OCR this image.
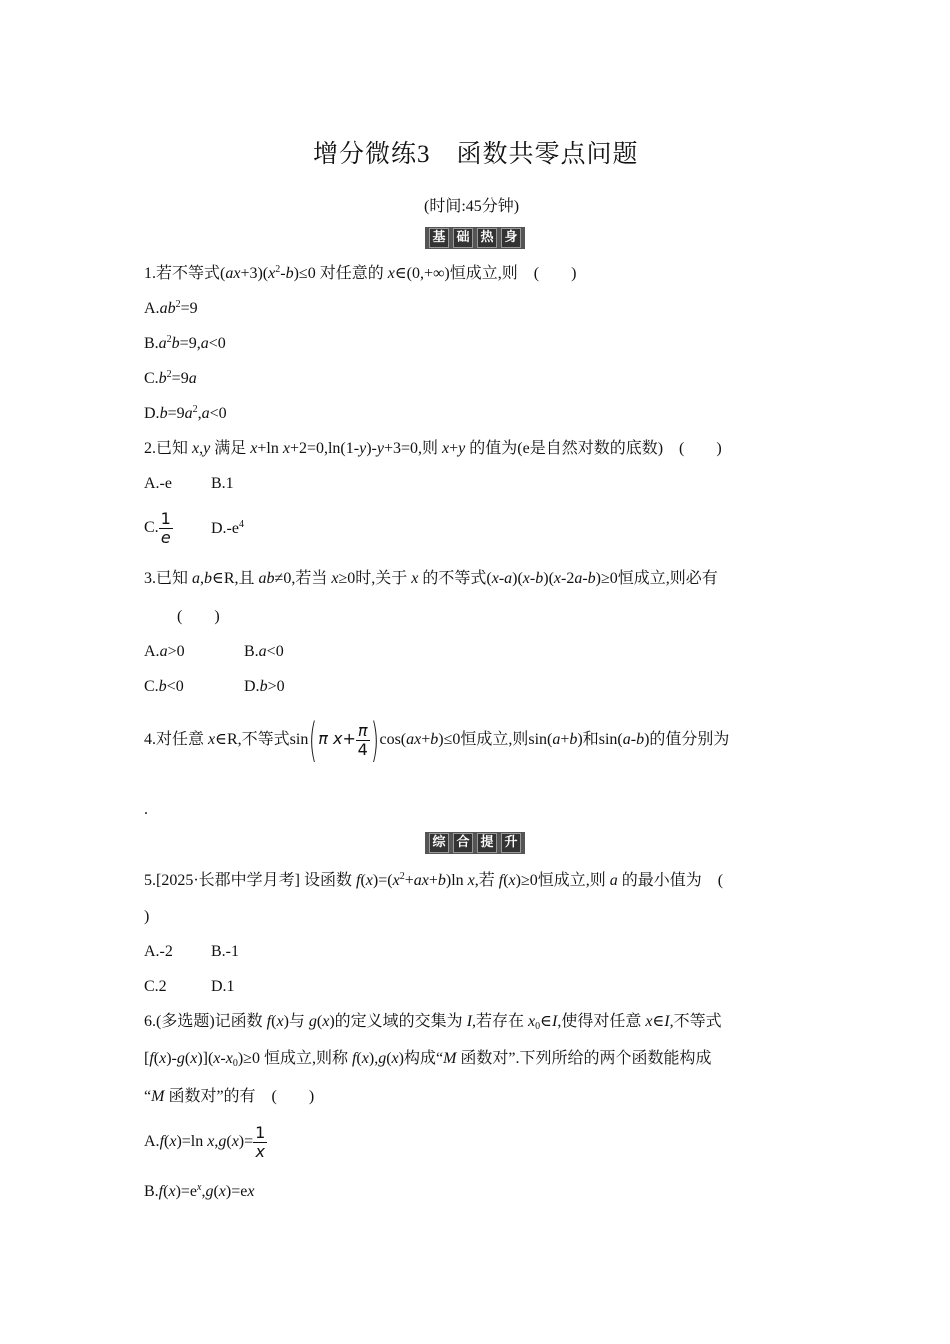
增分微练3　函数共零点问题
(时间:45分钟)
基 础 热 身
1.若不等式$(ax+3)(x^2-b)\le 0$ 对任意的 x∈(0,+∞)恒成立,则　(　　)
$A.ab^2=9$
$B.a^2b=9,a<0$
$C.b^2=9a$
$D.b=9a^2,a<0$
2.已知 x,y 满足 x+ln x+2=0,ln(1-y)-y+3=0,则 x+y 的值为(e是自然对数的底数)　(　　)
A.-e B.1
C. $\frac{1}{e} D.-e^4$
3.已知 a,b∈R,且 ab≠0,若当 x≥0时,关于 x 的不等式(x-a)(x-b)(x-2a-b)≥0恒成立,则必有
(　　)
A.a>0	B.a<0
C.b<0	D.b>0
4.对任意 x∈R,不等式sin(π $x+ \frac{\pi}{4} )\cos(ax+b)\le 0$恒成立,则sin(a+b)和sin(a-b)的值分别为
.
综 合 提 升
5.[2025·长郡中学月考] 设函数 $f(x)=(x^2+ax+b)\ln$ x,若 f(x)≥0恒成立,则 a 的最小值为　(
)
A.-2 B.-1
C.2	D.1
6.(多选题)记函数 f(x)与 g(x)的定义域的交集为 I,若存在 $x_0\in I$,使得对任意 x∈I,不等式
$[f(x)-g(x)](x-x_0)\ge 0$ 恒成立,则称 f(x),g(x)构成“M 函数对”.下列所给的两个函数能构成
“M 函数对”的有　(　　)
A.f(x)=ln $x,g(x)= \frac{1}{x}$
$B.f(x)=e^x,g(x)=ex$
